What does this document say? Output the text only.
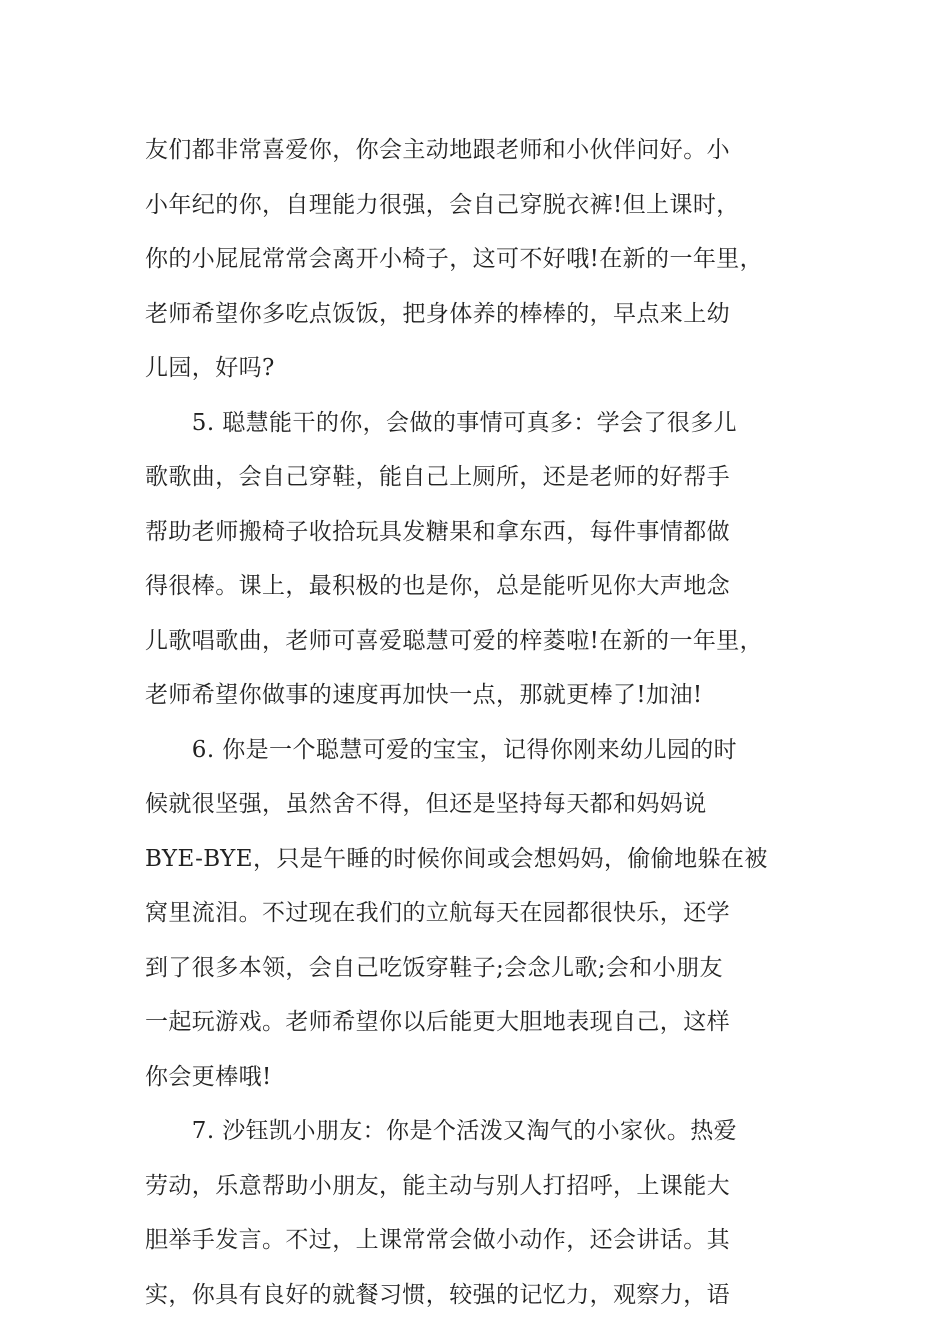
友们都非常喜爱你，你会主动地跟老师和小伙伴问好。小
小年纪的你，自理能力很强，会自己穿脱衣裤!但上课时，
你的小屁屁常常会离开小椅子，这可不好哦!在新的一年里，
老师希望你多吃点饭饭，把身体养的棒棒的，早点来上幼
儿园，好吗?
　　5. 聪慧能干的你，会做的事情可真多：学会了很多儿
歌歌曲，会自己穿鞋，能自己上厕所，还是老师的好帮手
帮助老师搬椅子收拾玩具发糖果和拿东西，每件事情都做
得很棒。课上，最积极的也是你，总是能听见你大声地念
儿歌唱歌曲，老师可喜爱聪慧可爱的梓菱啦!在新的一年里，
老师希望你做事的速度再加快一点，那就更棒了!加油!
　　6. 你是一个聪慧可爱的宝宝，记得你刚来幼儿园的时
候就很坚强，虽然舍不得，但还是坚持每天都和妈妈说
BYE-BYE，只是午睡的时候你间或会想妈妈，偷偷地躲在被
窝里流泪。不过现在我们的立航每天在园都很快乐，还学
到了很多本领，会自己吃饭穿鞋子;会念儿歌;会和小朋友
一起玩游戏。老师希望你以后能更大胆地表现自己，这样
你会更棒哦!
　　7. 沙钰凯小朋友：你是个活泼又淘气的小家伙。热爱
劳动，乐意帮助小朋友，能主动与别人打招呼，上课能大
胆举手发言。不过，上课常常会做小动作，还会讲话。其
实，你具有良好的就餐习惯，较强的记忆力，观察力，语
